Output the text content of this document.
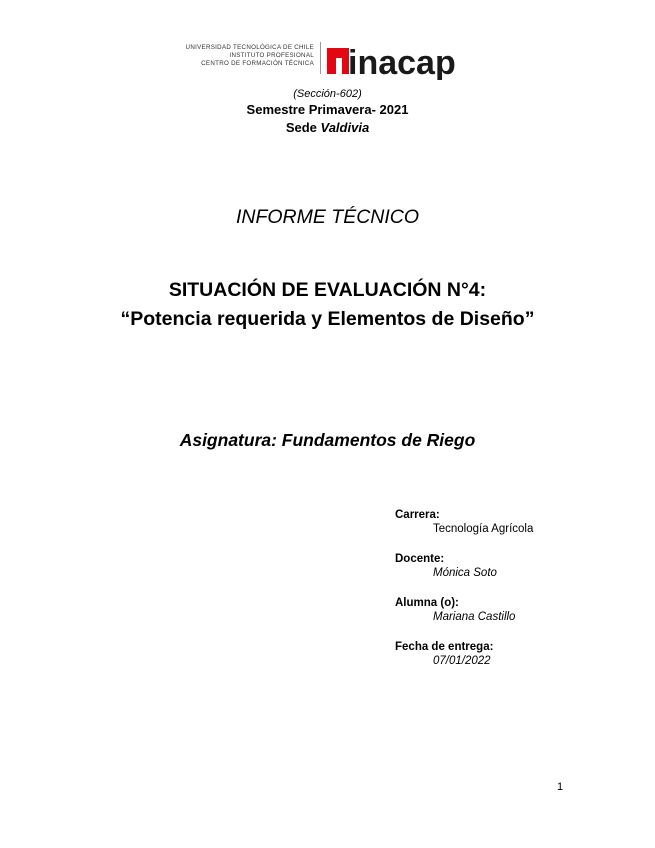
UNIVERSIDAD TECNOLÓGICA DE CHILE
INSTITUTO PROFESIONAL
CENTRO DE FORMACIÓN TÉCNICA inacap
(Sección-602)
Semestre Primavera- 2021
Sede Valdivia
INFORME TÉCNICO
SITUACIÓN DE EVALUACIÓN N°4:
“Potencia requerida y Elementos de Diseño”
Asignatura: Fundamentos de Riego
Carrera:
Tecnología Agrícola
Docente:
Mónica Soto
Alumna (o):
Mariana Castillo
Fecha de entrega:
07/01/2022
1
